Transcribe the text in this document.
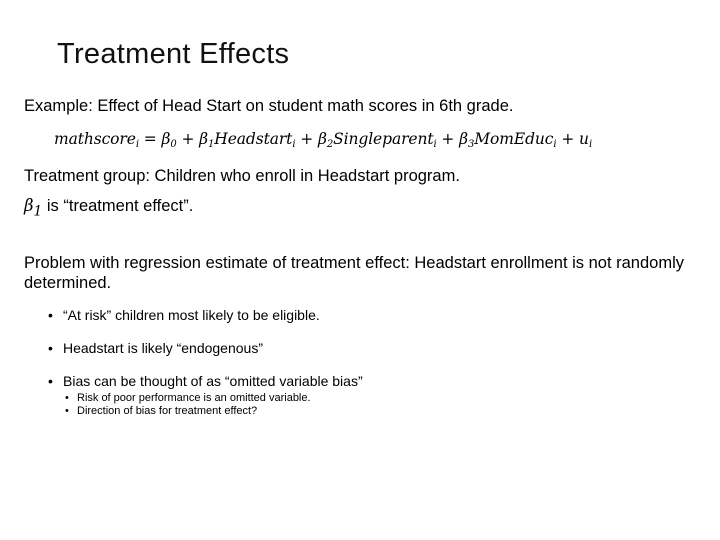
Treatment Effects

Example: Effect of Head Start on student math scores in 6th grade.

mathscore$_i$ = $\beta_0$ + $\beta_1Headstart_i$ + $\beta_2Singleparent_i$ + $\beta_3MomEduc_i + u_i$

Treatment group: Children who enroll in Headstart program.

$\beta_1$ is “treatment effect”.

Problem with regression estimate of treatment effect: Headstart enrollment is not randomly determined.

• “At risk” children most likely to be eligible.
• Headstart is likely “endogenous”
• Bias can be thought of as “omitted variable bias”
• Risk of poor performance is an omitted variable.
• Direction of bias for treatment effect?
